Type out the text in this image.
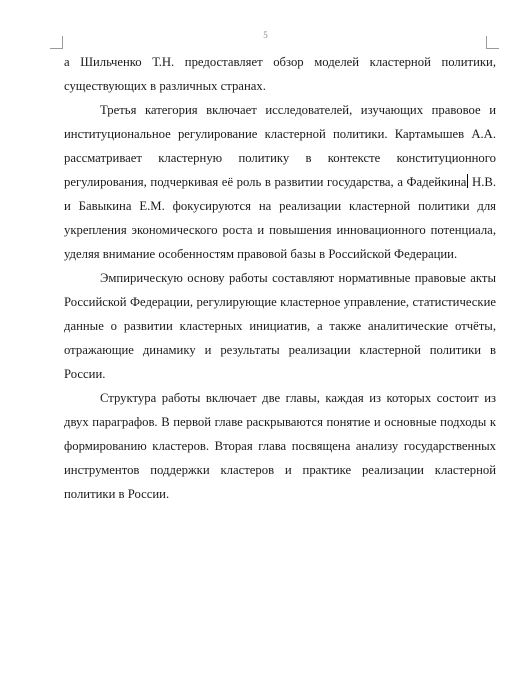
5

а Шильченко Т.Н. предоставляет обзор моделей кластерной политики, существующих в различных странах.

Третья категория включает исследователей, изучающих правовое и институциональное регулирование кластерной политики. Картамышев А.А. рассматривает кластерную политику в контексте конституционного регулирования, подчеркивая её роль в развитии государства, а Фадейкина Н.В. и Бавыкина Е.М. фокусируются на реализации кластерной политики для укрепления экономического роста и повышения инновационного потенциала, уделяя внимание особенностям правовой базы в Российской Федерации.

Эмпирическую основу работы составляют нормативные правовые акты Российской Федерации, регулирующие кластерное управление, статистические данные о развитии кластерных инициатив, а также аналитические отчёты, отражающие динамику и результаты реализации кластерной политики в России.

Структура работы включает две главы, каждая из которых состоит из двух параграфов. В первой главе раскрываются понятие и основные подходы к формированию кластеров. Вторая глава посвящена анализу государственных инструментов поддержки кластеров и практике реализации кластерной политики в России.
